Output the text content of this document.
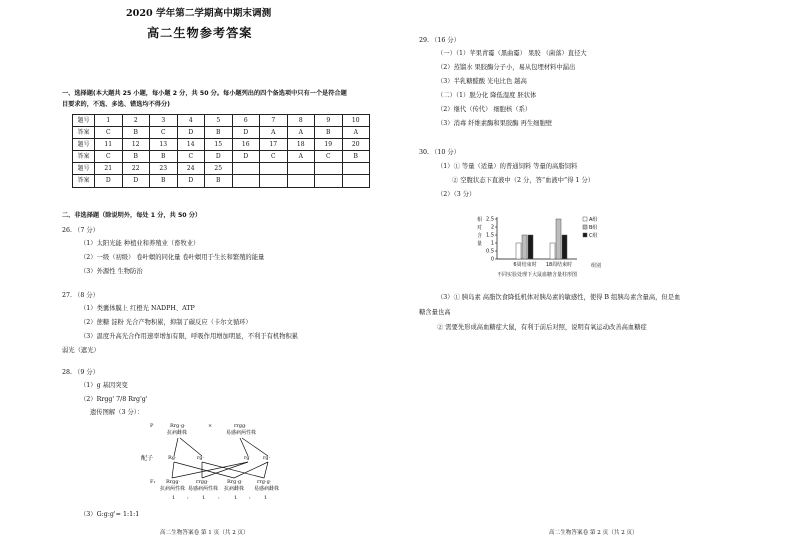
2020 学年第二学期高中期末调测
高二生物参考答案
一、选择题(本大题共 25 小题，每小题 2 分，共 50 分。每小题列出的四个备选项中只有一个是符合题
目要求的，不选、多选、错选均不得分)
题号	1	2	3	4	5	6	7	8	9	10
答案	C	B	C	D	B	D	A	A	B	A
题号	11	12	13	14	15	16	17	18	19	20
答案	C	B	B	C	D	D	C	A	C	B
题号	21	22	23	24	25					
答案	D	D	B	D	B					
二、非选择题（除说明外，每处 1 分，共 50 分）
26. （7 分）
（1）太阳光能 种植业和养殖业（畜牧业）
（2）一级（初级） 卷叶螟的同化量 卷叶螟用于生长和繁殖的能量
（3）外源性 生物防治
27. （8 分）
（1）类囊体膜上 红橙光 NADPH、ATP
（2）蔗糖 淀粉 光合产物积累，抑制了碳反应（卡尔文循环）
（3）温度升高光合作用速率增加有限，呼吸作用增加明显，不利于有机物积累
弱光（遮光）
28. （9 分）
（1）g 基因突变
（2）Rrgg' 7/8 Rrg'g'
遗传图解（3 分）：
P	Rrg·g·
抗病雌株
×	rrgg·
易感病两性株
配子	Rg·	rg·	rg	rg·
F₁ Rrgg·
抗病两性株
rrgg·
易感病两性株
Rrg·g·
抗病雌株
rrg·g·
易感病雌株
1 :	1	:	1 :	1
（3）G:g:g'= 1:1:1
高二生物答案卷 第 1 页（共 2 页）
29. （16 分）
（一）（1）苹果青霉（黑曲霉） 果胶 （菌落）直径大
（2）蒸馏水 果胶酶分子小，易从包埋材料中漏出
（3）半乳糖醛酸 光电比色 越高
（二）（1）脱分化 降低湿度 胚状体
（2）继代（传代） 细胞核（系）
（3）消毒 纤维素酶和果胶酶 再生细胞壁
30. （10 分）
（1）① 等量（适量）的普通饲料 等量的高脂饲料
② 空腹状态下直液中（2 分，答“血液中”得 1 分）
（2）（3 分）
（3）① 胰岛素 高脂饮食降低机体对胰岛素的敏感性，使得 B 组胰岛素含量高，但是血
糖含量也高
② 需要先形成高血糖症大鼠，有利于前后对照，说明有氧运动改善高血糖症
高二生物答案卷 第 2 页（共 2 页）
0
0.5
1
1.5
2
2.5
相
对
含
量
6周结束时 18周结束时	组别
不同实验处理下大鼠血糖含量柱形图
A组
B组
C组
